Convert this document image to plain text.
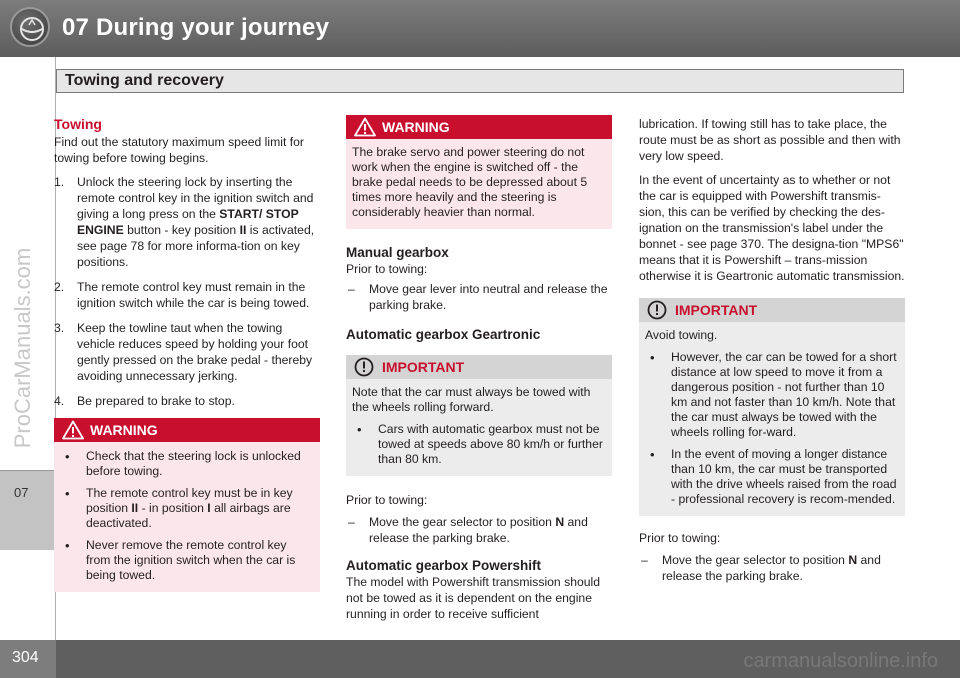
07 During your journey
Towing and recovery
ProCarManuals.com
07
Towing

Find out the statutory maximum speed limit for towing before towing begins.

1. Unlock the steering lock by inserting the remote control key in the ignition switch and giving a long press on the START/ STOP ENGINE button - key position II is activated, see page 78 for more informa-tion on key positions.
2. The remote control key must remain in the ignition switch while the car is being towed.
3. Keep the towline taut when the towing vehicle reduces speed by holding your foot gently pressed on the brake pedal - thereby avoiding unnecessary jerking.
4. Be prepared to brake to stop.
WARNING
• Check that the steering lock is unlocked before towing.
• The remote control key must be in key position II - in position I all airbags are deactivated.
• Never remove the remote control key from the ignition switch when the car is being towed.
WARNING

The brake servo and power steering do not work when the engine is switched off - the brake pedal needs to be depressed about 5 times more heavily and the steering is considerably heavier than normal.

Manual gearbox

Prior to towing:

– Move gear lever into neutral and release the parking brake.
Automatic gearbox Geartronic
IMPORTANT

Note that the car must always be towed with the wheels rolling forward.

• Cars with automatic gearbox must not be towed at speeds above 80 km/h or further than 80 km.

Prior to towing:

– Move the gear selector to position N and release the parking brake.
Automatic gearbox Powershift

The model with Powershift transmission should not be towed as it is dependent on the engine running in order to receive sufficient

lubrication. If towing still has to take place, the route must be as short as possible and then with very low speed.

In the event of uncertainty as to whether or not the car is equipped with Powershift transmis-sion, this can be verified by checking the des-ignation on the transmission's label under the bonnet - see page 370. The designa-tion "MPS6" means that it is Powershift – trans-mission otherwise it is Geartronic automatic transmission.

IMPORTANT

Avoid towing.

• However, the car can be towed for a short distance at low speed to move it from a dangerous position - not further than 10 km and not faster than 10 km/h. Note that the car must always be towed with the wheels rolling for-ward.
• In the event of moving a longer distance than 10 km, the car must be transported with the drive wheels raised from the road - professional recovery is recom-mended.

Prior to towing:

– Move the gear selector to position N and release the parking brake.
304	carmanualsonline.info
